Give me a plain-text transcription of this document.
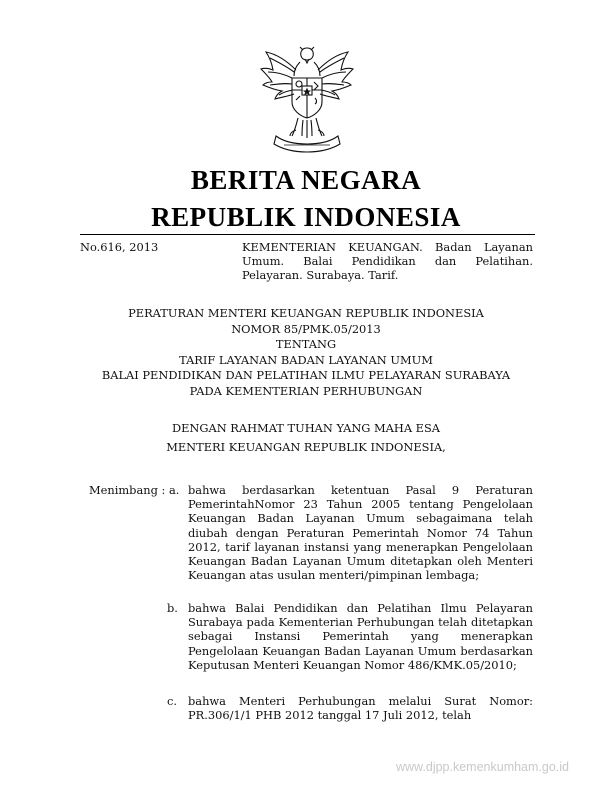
BERITA NEGARA
REPUBLIK INDONESIA
No.616, 2013	KEMENTERIAN KEUANGAN. Badan Layanan Umum. Balai Pendidikan dan Pelatihan. Pelayaran. Surabaya. Tarif.
PERATURAN MENTERI KEUANGAN REPUBLIK INDONESIA
NOMOR 85/PMK.05/2013
TENTANG
TARIF LAYANAN BADAN LAYANAN UMUM
BALAI PENDIDIKAN DAN PELATIHAN ILMU PELAYARAN SURABAYA
PADA KEMENTERIAN PERHUBUNGAN
DENGAN RAHMAT TUHAN YANG MAHA ESA
MENTERI KEUANGAN REPUBLIK INDONESIA,
Menimbang : a. bahwa berdasarkan ketentuan Pasal 9 Peraturan PemerintahNomor 23 Tahun 2005 tentang Pengelolaan Keuangan Badan Layanan Umum sebagaimana telah diubah dengan Peraturan Pemerintah Nomor 74 Tahun 2012, tarif layanan instansi yang menerapkan Pengelolaan Keuangan Badan Layanan Umum ditetapkan oleh Menteri Keuangan atas usulan menteri/pimpinan lembaga;
b. bahwa Balai Pendidikan dan Pelatihan Ilmu Pelayaran Surabaya pada Kementerian Perhubungan telah ditetapkan sebagai Instansi Pemerintah yang menerapkan Pengelolaan Keuangan Badan Layanan Umum berdasarkan Keputusan Menteri Keuangan Nomor 486/KMK.05/2010;
c. bahwa Menteri Perhubungan melalui Surat Nomor: PR.306/1/1 PHB 2012 tanggal 17 Juli 2012, telah
www.djpp.kemenkumham.go.id
